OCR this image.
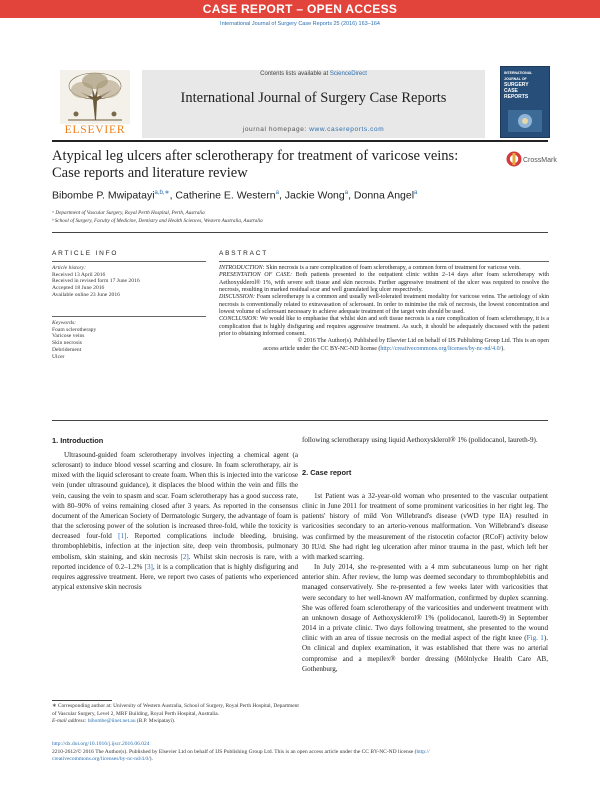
CASE REPORT – OPEN ACCESS
International Journal of Surgery Case Reports 25 (2016) 163–164
ELSEVIER
Contents lists available at ScienceDirect
International Journal of Surgery Case Reports
journal homepage: www.casereports.com
INTERNATIONAL
JOURNAL OF
SURGERY
CASE
REPORTS
Atypical leg ulcers after sclerotherapy for treatment of varicose veins:
Case reports and literature review
CrossMark
Bibombe P. Mwipatayi$^{a,b,∗}$, Catherine E. Western$^a$, Jackie Wong$^a$, Donna Angel$^a$
ᵃ Department of Vascular Surgery, Royal Perth Hospital, Perth, Australia
ᵇ School of Surgery, Faculty of Medicine, Dentistry and Health Sciences, Western Australia, Australia
ARTICLE INFO
Article history:
Received 13 April 2016
Received in revised form 17 June 2016
Accepted 18 June 2016
Available online 23 June 2016
Keywords:
Foam sclerotherapy
Varicose veins
Skin necrosis
Debridement
Ulcer
ABSTRACT

INTRODUCTION: Skin necrosis is a rare complication of foam sclerotherapy, a common form of treatment for varicose vein.

PRESENTATION OF CASE: Both patients presented to the outpatient clinic within 2–14 days after foam sclerotherapy with Aethoxysklerol® 1%, with severe soft tissue and skin necrosis. Further aggressive treatment of the ulcer was required to resolve the necrosis, resulting in marked residual scar and well granulated leg ulcer respectively.

DISCUSSION: Foam sclerotherapy is a common and usually well-tolerated treatment modality for varicose veins. The aetiology of skin necrosis is conventionally related to extravasation of sclerosant. In order to minimise the risk of necrosis, the lowest concentration and lowest volume of sclerosant necessary to achieve adequate treatment of the target vein should be used.

CONCLUSION: We would like to emphasise that whilst skin and soft tissue necrosis is a rare complication of foam sclerotherapy, it is a complication that is highly disfiguring and requires aggressive treatment. As such, it should be adequately discussed with the patient prior to obtaining informed consent.

© 2016 The Author(s). Published by Elsevier Ltd on behalf of IJS Publishing Group Ltd. This is an open

access article under the CC BY-NC-ND license (http://creativecommons.org/licenses/by-nc-nd/4.0/).

1. Introduction

Ultrasound-guided foam sclerotherapy involves injecting a chemical agent (a sclerosant) to induce blood vessel scarring and closure. In foam sclerotherapy, air is mixed with the liquid sclerosant to create foam. When this is injected into the varicose vein (under ultrasound guidance), it displaces the blood within the vein and fills the vein, causing the vein to spasm and scar. Foam sclerotherapy has a good success rate, with 80–90% of veins remaining closed after 3 years. As reported in the consensus document of the American Society of Dermatologic Surgery, the advantage of foam is that the sclerosing power of the solution is increased three-fold, while the toxicity is decreased four-fold [1]. Reported complications include bleeding, bruising, thrombophlebitis, infection at the injection site, deep vein thrombosis, pulmonary embolism, skin staining, and skin necrosis [2]. Whilst skin necrosis is rare, with a reported incidence of 0.2–1.2% [3], it is a complication that is highly disfiguring and requires aggressive treatment. Here, we report two cases of patients who experienced atypical extensive skin necrosis

following sclerotherapy using liquid Aethoxysklerol® 1% (polidocanol, laureth-9).

2. Case report

1st Patient was a 32-year-old woman who presented to the vascular outpatient clinic in June 2011 for treatment of some prominent varicosities in her right leg. The patients' history of mild Von Willebrand's disease (vWD type IIA) resulted in varicosities secondary to an arterio-venous malformation. Von Willebrand's disease was confirmed by the measurement of the ristocetin cofactor (RCoF) activity below 30 IU/d. She had right leg ulceration after minor trauma in the past, which left her with marked scarring.

In July 2014, she re-presented with a 4 mm subcutaneous lump on her right anterior shin. After review, the lump was deemed secondary to thrombophlebitis and managed conservatively. She re-presented a few weeks later with varicosities that were secondary to her well-known AV malformation, confirmed by duplex scanning. She was offered foam sclerotherapy of the varicosities and underwent treatment with an unknown dosage of Aethoxysklerol® 1% (polidocanol, laureth-9) in September 2014 in a private clinic. Two days following treatment, she presented to the wound clinic with an area of tissue necrosis on the medial aspect of the right knee (Fig. 1). On clinical and duplex examination, it was established that there was no arterial compromise and a mepilex® border dressing (Mölnlycke Health Care AB, Gothenburg,

∗ Corresponding author at: University of Western Australia, School of Surgery, Royal Perth Hospital, Department of Vascular Surgery, Level 2, MRF Building, Royal Perth Hospital, Australia.
E-mail address: bibombe@iinet.net.au (B.P. Mwipatayi).
http://dx.doi.org/10.1016/j.ijscr.2016.06.024
2210-2612/© 2016 The Author(s). Published by Elsevier Ltd on behalf of IJS Publishing Group Ltd. This is an open access article under the CC BY-NC-ND license (http://
creativecommons.org/licenses/by-nc-nd/4.0/).
